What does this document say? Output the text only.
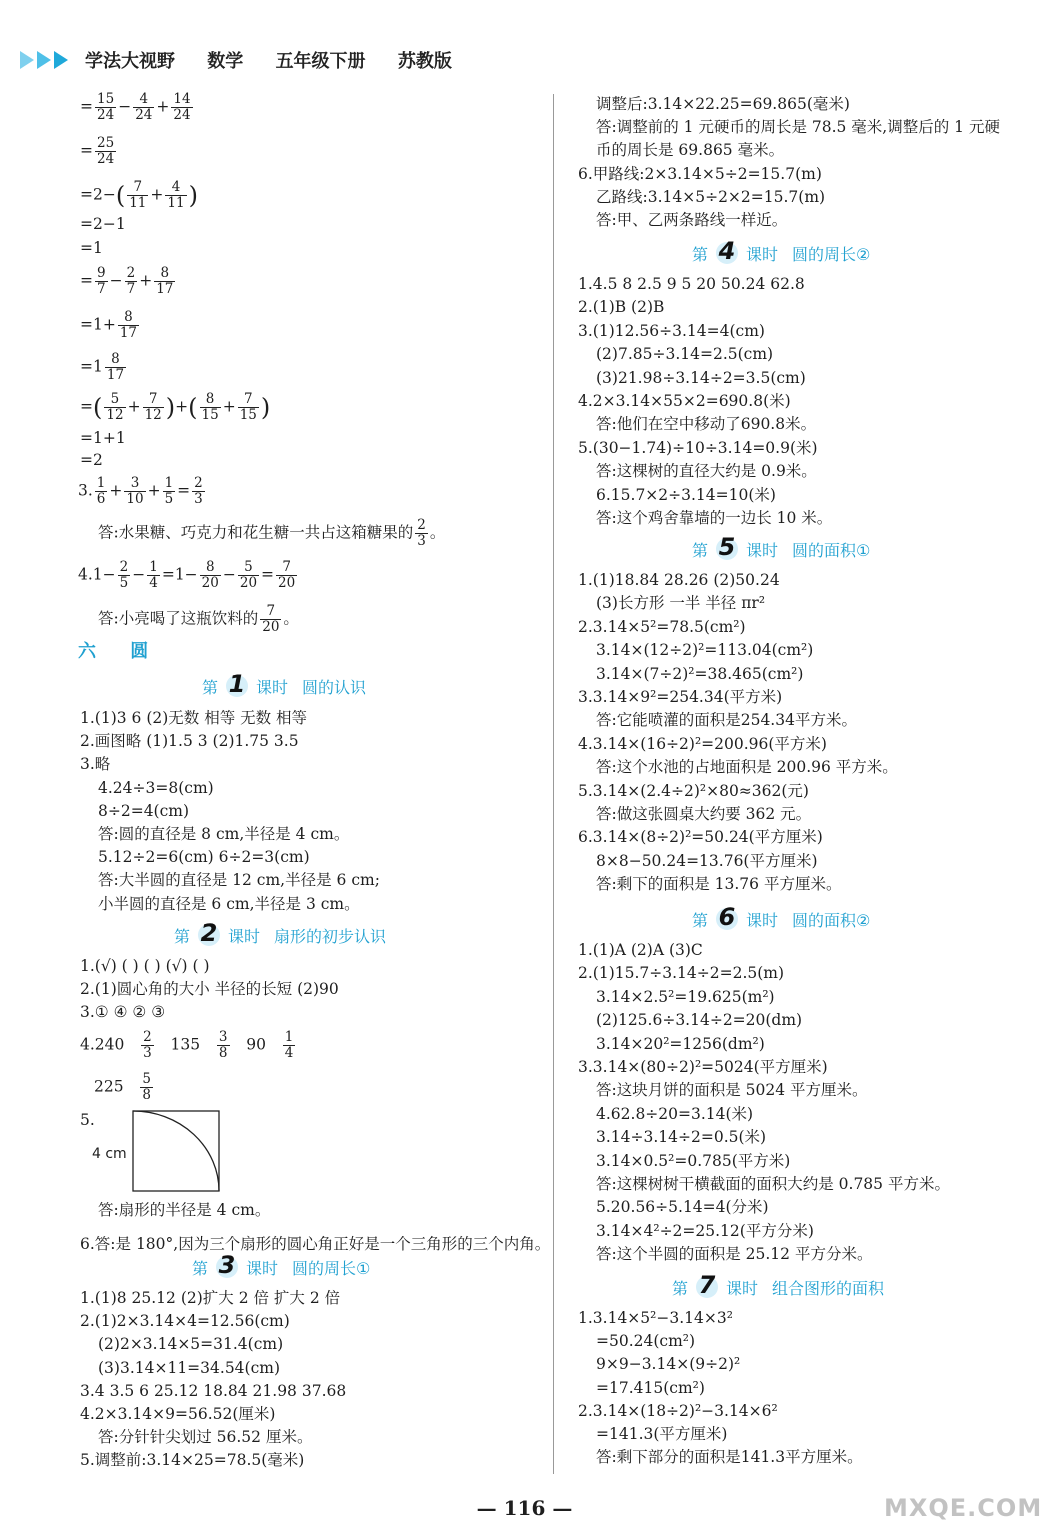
学法大视野 数学 五年级下册 苏教版
= $\frac{15}{24} - \frac{4}{24} + \frac{14}{24}$
= $\frac{25}{24}$
$=2-( \frac{7}{11} + \frac{4}{11}$ )
=2−1
=1
= $\frac{9}{7} - \frac{2}{7} + \frac{8}{17}$
$=1+ \frac{8}{17}$
$=1 \frac{8}{17}$
=( $\frac{5}{12} + \frac{7}{12}$ )+( $\frac{8}{15} + \frac{7}{15}$ )
=1+1
=2
3. $\frac{1}{6} + \frac{3}{10} + \frac{1}{5} = \frac{2}{3}$
答:水果糖、巧克力和花生糖一共占这箱糖果的 $\frac{2}{3}$ 。
$4.1- \frac{2}{5} - \frac{1}{4} =1- \frac{8}{20} - \frac{5}{20} = \frac{7}{20}$
答:小亮喝了这瓶饮料的 $\frac{7}{20}$ 。
六 圆
第 1 课时 圆的认识
1.(1)3 6 (2)无数 相等 无数 相等
2.画图略 (1)1.5 3 (2)1.75 3.5
3.略
4.24÷3=8(cm)
8÷2=4(cm)
答:圆的直径是 8 cm,半径是 4 cm。
5.12÷2=6(cm) 6÷2=3(cm)
答:大半圆的直径是 12 cm,半径是 6 cm;
小半圆的直径是 6 cm,半径是 3 cm。
第 2 课时 扇形的初步认识
1.(√) ( ) ( ) (√) ( )
2.(1)圆心角的大小 半径的长短 (2)90
3.① ④ ② ③
$4.240 \frac{2}{3} 135 \frac{3}{8} 90 \frac{1}{4}$
$225 \frac{5}{8}$
5.
4 cm
答:扇形的半径是 4 cm。
6.答:是 180°,因为三个扇形的圆心角正好是一个三角形的三个内角。
第 3 课时 圆的周长①
1.(1)8 25.12 (2)扩大 2 倍 扩大 2 倍
2.(1)2×3.14×4=12.56(cm)
(2)2×3.14×5=31.4(cm)
(3)3.14×11=34.54(cm)
3.4 3.5 6 25.12 18.84 21.98 37.68
4.2×3.14×9=56.52(厘米)
答:分针针尖划过 56.52 厘米。
5.调整前:3.14×25=78.5(毫米)
调整后:3.14×22.25=69.865(毫米)
答:调整前的 1 元硬币的周长是 78.5 毫米,调整后的 1 元硬
币的周长是 69.865 毫米。
6.甲路线:2×3.14×5÷2=15.7(m)
乙路线:3.14×5÷2×2=15.7(m)
答:甲、乙两条路线一样近。
第 4 课时 圆的周长②
1.4.5 8 2.5 9 5 20 50.24 62.8
2.(1)B (2)B
3.(1)12.56÷3.14=4(cm)
(2)7.85÷3.14=2.5(cm)
(3)21.98÷3.14÷2=3.5(cm)
4.2×3.14×55×2=690.8(米)
答:他们在空中移动了690.8米。
5.(30−1.74)÷10÷3.14=0.9(米)
答:这棵树的直径大约是 0.9米。
6.15.7×2÷3.14=10(米)
答:这个鸡舍靠墙的一边长 10 米。
第 5 课时 圆的面积①
1.(1)18.84 28.26 (2)50.24
(3)长方形 一半 半径 πr²
2.3.14×5²=78.5(cm²)
3.14×(12÷2)²=113.04(cm²)
3.14×(7÷2)²=38.465(cm²)
3.3.14×9²=254.34(平方米)
答:它能喷灌的面积是254.34平方米。
4.3.14×(16÷2)²=200.96(平方米)
答:这个水池的占地面积是 200.96 平方米。
5.3.14×(2.4÷2)²×80≈362(元)
答:做这张圆桌大约要 362 元。
6.3.14×(8÷2)²=50.24(平方厘米)
8×8−50.24=13.76(平方厘米)
答:剩下的面积是 13.76 平方厘米。
第 6 课时 圆的面积②
1.(1)A (2)A (3)C
2.(1)15.7÷3.14÷2=2.5(m)
3.14×2.5²=19.625(m²)
(2)125.6÷3.14÷2=20(dm)
3.14×20²=1256(dm²)
3.3.14×(80÷2)²=5024(平方厘米)
答:这块月饼的面积是 5024 平方厘米。
4.62.8÷20=3.14(米)
3.14÷3.14÷2=0.5(米)
3.14×0.5²=0.785(平方米)
答:这棵树树干横截面的面积大约是 0.785 平方米。
5.20.56÷5.14=4(分米)
3.14×4²÷2=25.12(平方分米)
答:这个半圆的面积是 25.12 平方分米。
第 7 课时 组合图形的面积
1.3.14×5²−3.14×3²
=50.24(cm²)
9×9−3.14×(9÷2)²
=17.415(cm²)
2.3.14×(18÷2)²−3.14×6²
=141.3(平方厘米)
答:剩下部分的面积是141.3平方厘米。
— 116 —	MXQE.COM
